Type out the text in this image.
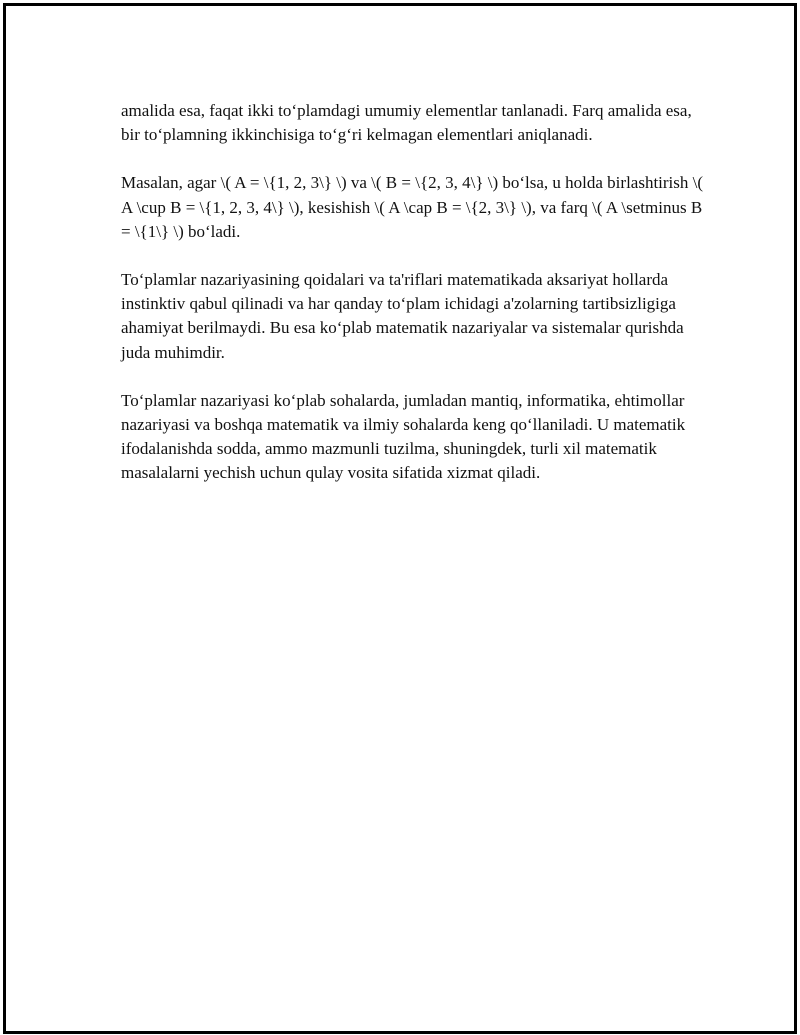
amalida esa, faqat ikki to‘plamdagi umumiy elementlar tanlanadi. Farq amalida esa, bir to‘plamning ikkinchisiga to‘g‘ri kelmagan elementlari aniqlanadi.

Masalan, agar \( A = \{1, 2, 3\} \) va \( B = \{2, 3, 4\} \) bo‘lsa, u holda birlashtirish \( A \cup B = \{1, 2, 3, 4\} \), kesishish \( A \cap B = \{2, 3\} \), va farq \( A \setminus B = \{1\} \) bo‘ladi.

To‘plamlar nazariyasining qoidalari va ta'riflari matematikada aksariyat hollarda instinktiv qabul qilinadi va har qanday to‘plam ichidagi a'zolarning tartibsizligiga ahamiyat berilmaydi. Bu esa ko‘plab matematik nazariyalar va sistemalar qurishda juda muhimdir.

To‘plamlar nazariyasi ko‘plab sohalarda, jumladan mantiq, informatika, ehtimollar nazariyasi va boshqa matematik va ilmiy sohalarda keng qo‘llaniladi. U matematik ifodalanishda sodda, ammo mazmunli tuzilma, shuningdek, turli xil matematik masalalarni yechish uchun qulay vosita sifatida xizmat qiladi.
